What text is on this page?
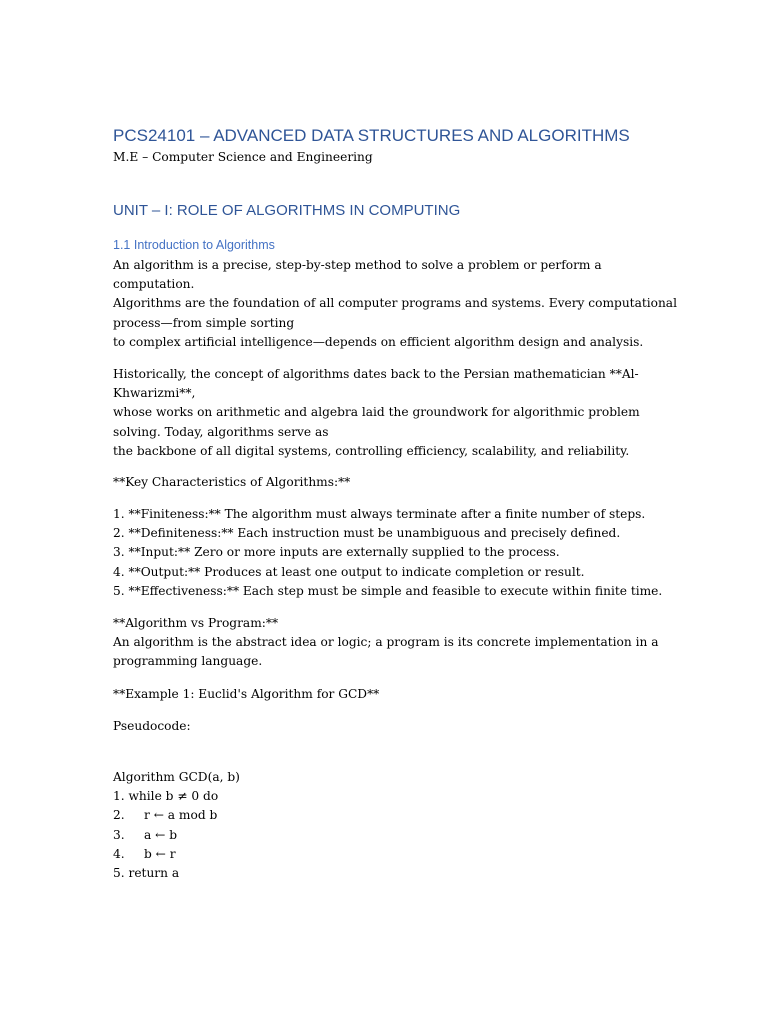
PCS24101 – ADVANCED DATA STRUCTURES AND ALGORITHMS

M.E – Computer Science and Engineering

UNIT – I: ROLE OF ALGORITHMS IN COMPUTING
1.1 Introduction to Algorithms
An algorithm is a precise, step-by-step method to solve a problem or perform a
computation.
Algorithms are the foundation of all computer programs and systems. Every computational
process—from simple sorting
to complex artificial intelligence—depends on efficient algorithm design and analysis.
Historically, the concept of algorithms dates back to the Persian mathematician **Al-
Khwarizmi**,
whose works on arithmetic and algebra laid the groundwork for algorithmic problem
solving. Today, algorithms serve as
the backbone of all digital systems, controlling efficiency, scalability, and reliability.
**Key Characteristics of Algorithms:**
1. **Finiteness:** The algorithm must always terminate after a finite number of steps.
2. **Definiteness:** Each instruction must be unambiguous and precisely defined.
3. **Input:** Zero or more inputs are externally supplied to the process.
4. **Output:** Produces at least one output to indicate completion or result.
5. **Effectiveness:** Each step must be simple and feasible to execute within finite time.
**Algorithm vs Program:**
An algorithm is the abstract idea or logic; a program is its concrete implementation in a
programming language.
**Example 1: Euclid's Algorithm for GCD**
Pseudocode:
Algorithm GCD(a, b)
1. while b ≠ 0 do
2.     r ← a mod b
3.     a ← b
4.     b ← r
5. return a
